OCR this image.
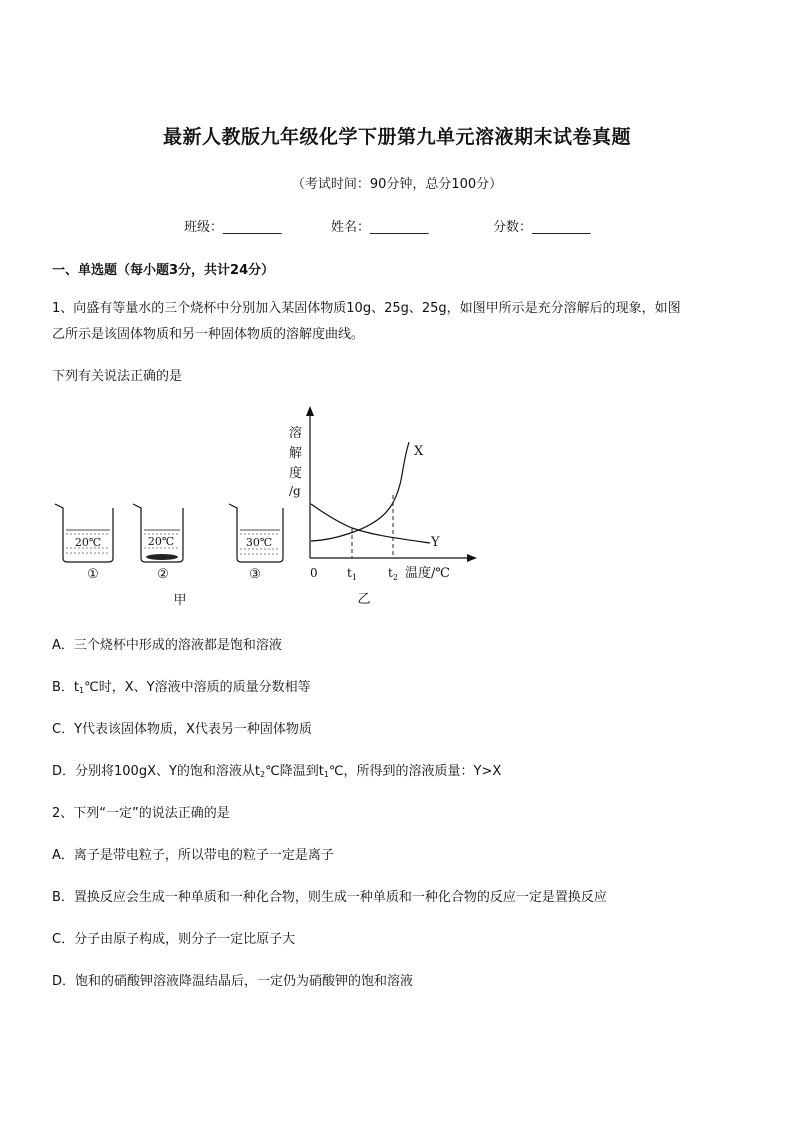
最新人教版九年级化学下册第九单元溶液期末试卷真题
（考试时间：90分钟，总分100分）
班级：_________	姓名：_________	分数：_________
一、单选题（每小题3分，共计24分）
1、向盛有等量水的三个烧杯中分别加入某固体物质10g、25g、25g，如图甲所示是充分溶解后的现象，如图
乙所示是该固体物质和另一种固体物质的溶解度曲线。
下列有关说法正确的是
20℃
①
20℃
②
30℃
③
甲
溶
解
度
/g
X
Y
0 $t_1$	$t_2$ 温度/℃
乙
A．三个烧杯中形成的溶液都是饱和溶液
B．$t_1℃$时，X、Y溶液中溶质的质量分数相等
C．Y代表该固体物质，X代表另一种固体物质
D．分别将100gX、Y的饱和溶液从$t_2℃$降温到$t_1℃$，所得到的溶液质量：Y>X
2、下列“一定”的说法正确的是
A．离子是带电粒子，所以带电的粒子一定是离子
B．置换反应会生成一种单质和一种化合物，则生成一种单质和一种化合物的反应一定是置换反应
C．分子由原子构成，则分子一定比原子大
D．饱和的硝酸钾溶液降温结晶后，一定仍为硝酸钾的饱和溶液
